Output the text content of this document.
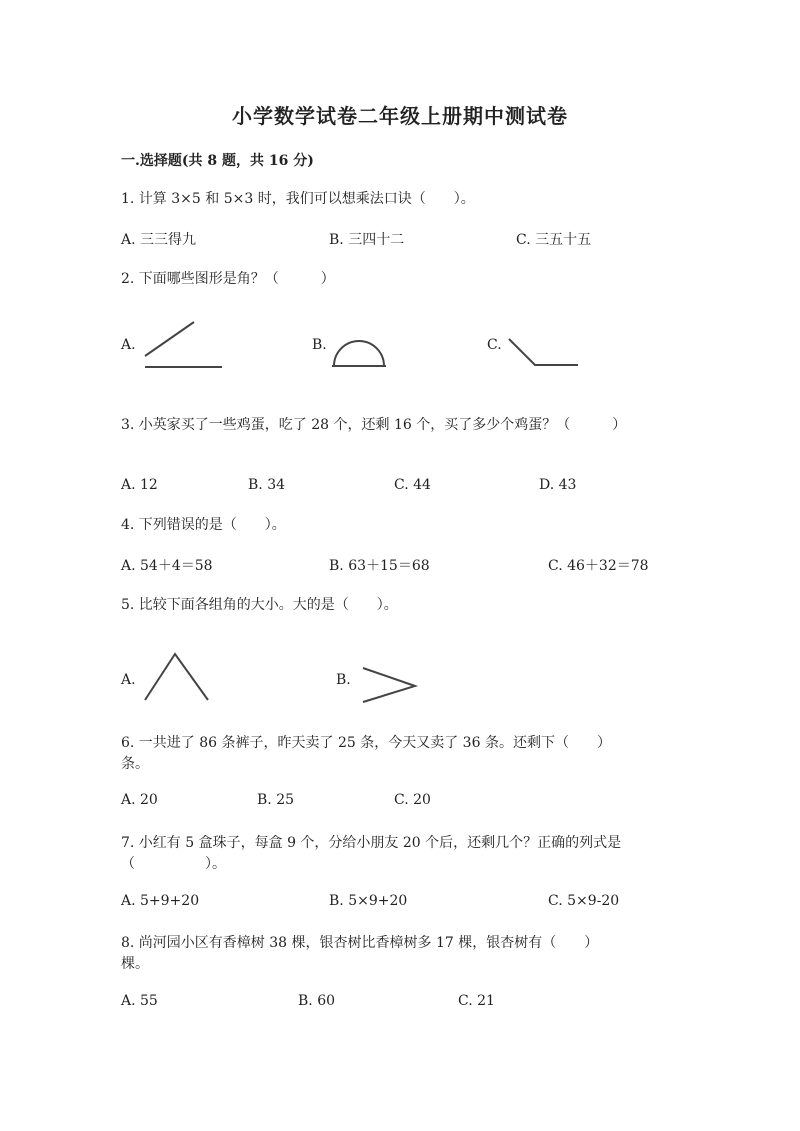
小学数学试卷二年级上册期中测试卷
一.选择题(共 8 题，共 16 分)
1. 计算 3×5 和 5×3 时，我们可以想乘法口诀（　　）。
A. 三三得九	B. 三四十二	C. 三五十五
2. 下面哪些图形是角？（　　　）
A.	B.	C.
3. 小英家买了一些鸡蛋，吃了 28 个，还剩 16 个，买了多少个鸡蛋？（　　　）
A. 12	B. 34	C. 44	D. 43
4. 下列错误的是（　　）。
A. 54＋4＝58	B. 63＋15＝68	C. 46＋32＝78
5. 比较下面各组角的大小。大的是（　　）。
A.	B.
6. 一共进了 86 条裤子，昨天卖了 25 条，今天又卖了 36 条。还剩下（　　）
条。
A. 20	B. 25	C. 20
7. 小红有 5 盒珠子，每盒 9 个，分给小朋友 20 个后，还剩几个？正确的列式是
（　　　　　）。
A. 5+9+20	B. 5×9+20	C. 5×9-20
8. 尚河园小区有香樟树 38 棵，银杏树比香樟树多 17 棵，银杏树有（　　）
棵。
A. 55	B. 60	C. 21
